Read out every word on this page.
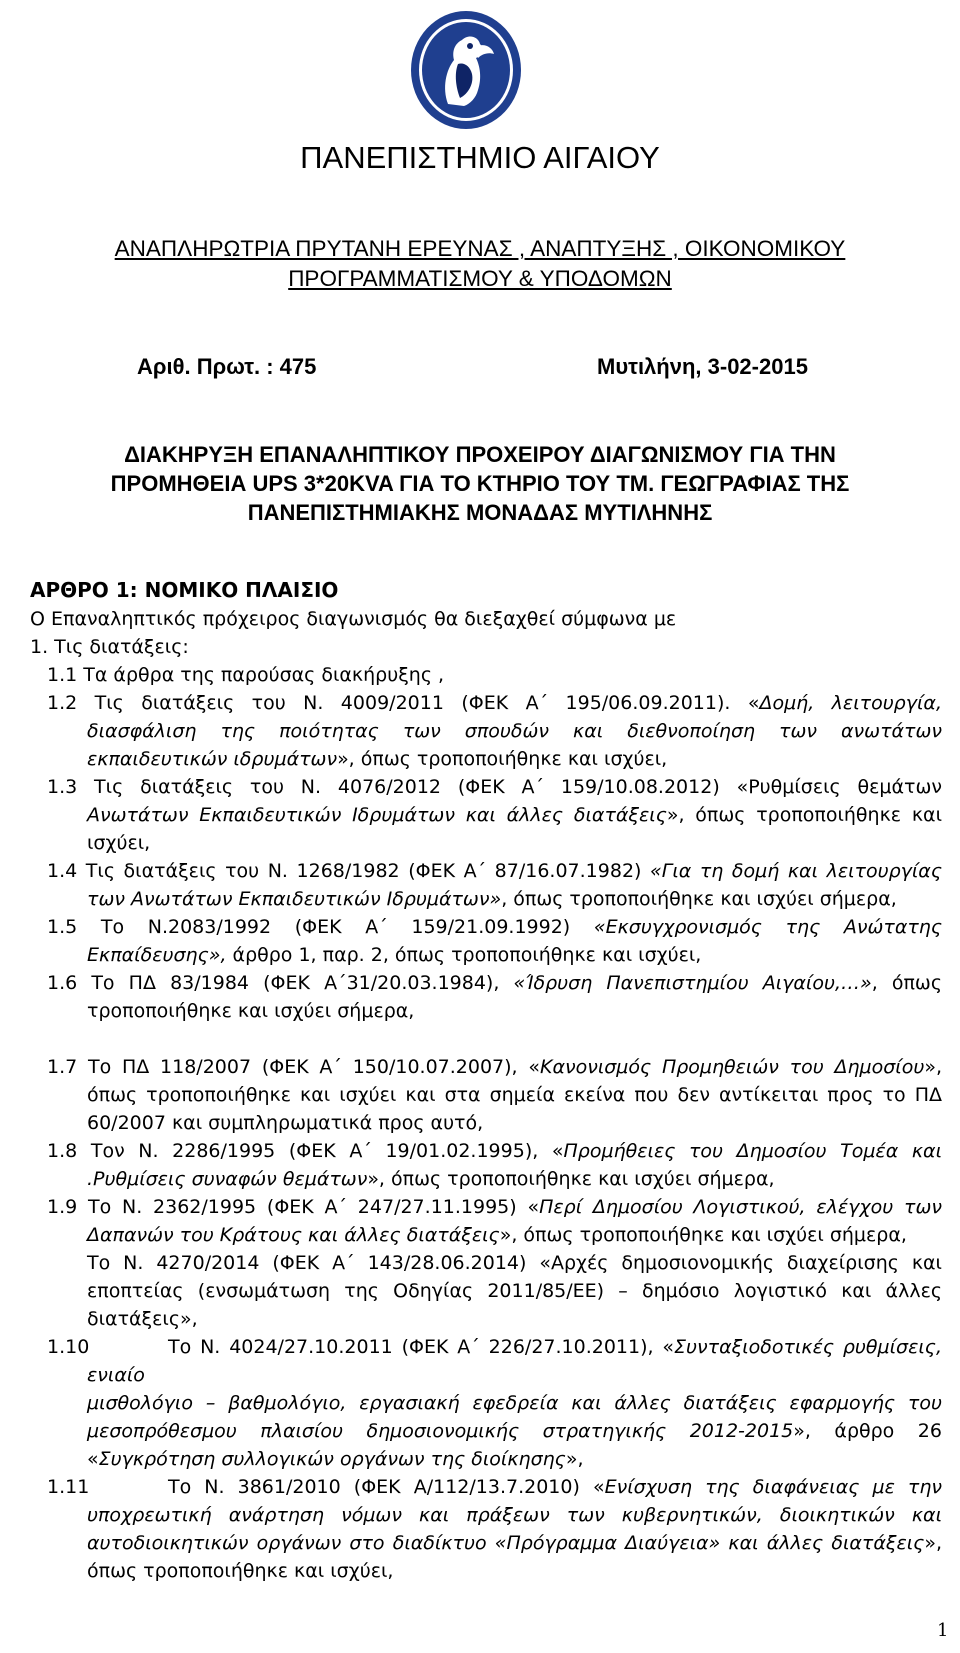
ΠΑΝΕΠΙΣΤΗΜΙΟ ΑΙΓΑΙΟΥ
ΑΝΑΠΛΗΡΩΤΡΙΑ ΠΡΥΤΑΝΗ ΕΡΕΥΝΑΣ , ΑΝΑΠΤΥΞΗΣ , ΟΙΚΟΝΟΜΙΚΟΥ
ΠΡΟΓΡΑΜΜΑΤΙΣΜΟΥ & ΥΠΟΔΟΜΩΝ
Αριθ. Πρωτ. : 475	Μυτιλήνη, 3-02-2015
ΔΙΑΚΗΡΥΞΗ ΕΠΑΝΑΛΗΠΤΙΚΟΥ ΠΡΟΧΕΙΡΟΥ ΔΙΑΓΩΝΙΣΜΟΥ ΓΙΑ ΤΗΝ
ΠΡΟΜΗΘΕΙΑ UPS 3*20KVA ΓΙΑ ΤΟ ΚΤΗΡΙΟ ΤΟΥ ΤΜ. ΓΕΩΓΡΑΦΙΑΣ ΤΗΣ
ΠΑΝΕΠΙΣΤΗΜΙΑΚΗΣ ΜΟΝΑΔΑΣ ΜΥΤΙΛΗΝΗΣ
ΑΡΘΡΟ 1: ΝΟΜΙΚΟ ΠΛΑΙΣΙΟ
Ο Επαναληπτικός πρόχειρος διαγωνισμός θα διεξαχθεί σύμφωνα με
1. Τις διατάξεις:
1.1 Τα άρθρα της παρούσας διακήρυξης ,
1.2 Τις διατάξεις του Ν. 4009/2011 (ΦΕΚ Α΄ 195/06.09.2011). «Δομή, λειτουργία,
διασφάλιση της ποιότητας των σπουδών και διεθνοποίηση των ανωτάτων
εκπαιδευτικών ιδρυμάτων», όπως τροποποιήθηκε και ισχύει,
1.3 Τις διατάξεις του Ν. 4076/2012 (ΦΕΚ Α΄ 159/10.08.2012) «Ρυθμίσεις θεμάτων
Ανωτάτων Εκπαιδευτικών Ιδρυμάτων και άλλες διατάξεις», όπως τροποποιήθηκε και
ισχύει,
1.4 Τις διατάξεις του Ν. 1268/1982 (ΦΕΚ Α΄ 87/16.07.1982) «Για τη δομή και λειτουργίας
των Ανωτάτων Εκπαιδευτικών Ιδρυμάτων», όπως τροποποιήθηκε και ισχύει σήμερα,
1.5 Το Ν.2083/1992 (ΦΕΚ Α΄ 159/21.09.1992) «Εκσυγχρονισμός της Ανώτατης
Εκπαίδευσης», άρθρο 1, παρ. 2, όπως τροποποιήθηκε και ισχύει,
1.6 Το ΠΔ 83/1984 (ΦΕΚ Α΄31/20.03.1984), «Ίδρυση Πανεπιστημίου Αιγαίου,…», όπως
τροποποιήθηκε και ισχύει σήμερα,
1.7 Το ΠΔ 118/2007 (ΦΕΚ Α΄ 150/10.07.2007), «Κανονισμός Προμηθειών του Δημοσίου»,
όπως τροποποιήθηκε και ισχύει και στα σημεία εκείνα που δεν αντίκειται προς το ΠΔ
60/2007 και συμπληρωματικά προς αυτό,
1.8 Τον Ν. 2286/1995 (ΦΕΚ Α΄ 19/01.02.1995), «Προμήθειες του Δημοσίου Τομέα και
.Ρυθμίσεις συναφών θεμάτων», όπως τροποποιήθηκε και ισχύει σήμερα,
1.9 Το Ν. 2362/1995 (ΦΕΚ Α΄ 247/27.11.1995) «Περί Δημοσίου Λογιστικού, ελέγχου των
Δαπανών του Κράτους και άλλες διατάξεις», όπως τροποποιήθηκε και ισχύει σήμερα,
Το Ν. 4270/2014 (ΦΕΚ Α΄ 143/28.06.2014) «Αρχές δημοσιονομικής διαχείρισης και
εποπτείας (ενσωμάτωση της Οδηγίας 2011/85/ΕΕ) – δημόσιο λογιστικό και άλλες
διατάξεις»,
1.10	Το Ν. 4024/27.10.2011 (ΦΕΚ Α΄ 226/27.10.2011), «Συνταξιοδοτικές ρυθμίσεις,
ενιαίο
μισθολόγιο – βαθμολόγιο, εργασιακή εφεδρεία και άλλες διατάξεις εφαρμογής του
μεσοπρόθεσμου πλαισίου δημοσιονομικής στρατηγικής 2012-2015», άρθρο 26
«Συγκρότηση συλλογικών οργάνων της διοίκησης»,
1.11	Το Ν. 3861/2010 (ΦΕΚ Α/112/13.7.2010) «Ενίσχυση της διαφάνειας με την
υποχρεωτική ανάρτηση νόμων και πράξεων των κυβερνητικών, διοικητικών και
αυτοδιοικητικών οργάνων στο διαδίκτυο «Πρόγραμμα Διαύγεια» και άλλες διατάξεις»,
όπως τροποποιήθηκε και ισχύει,
1
